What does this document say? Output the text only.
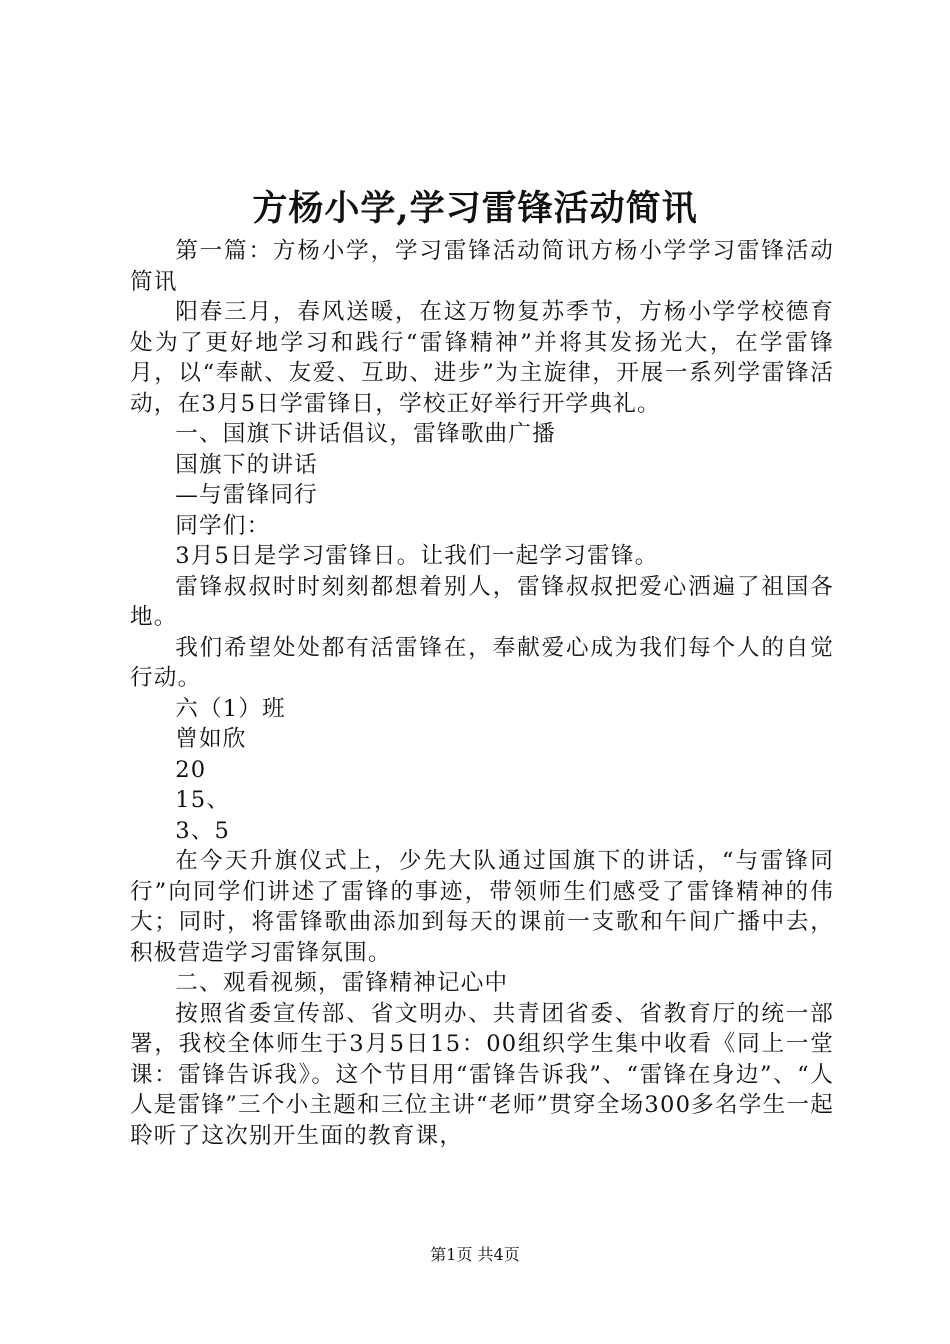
方杨小学,学习雷锋活动简讯

第一篇：方杨小学，学习雷锋活动简讯方杨小学学习雷锋活动简讯

阳春三月，春风送暖，在这万物复苏季节，方杨小学学校德育处为了更好地学习和践行“雷锋精神”并将其发扬光大，在学雷锋月，以“奉献、友爱、互助、进步”为主旋律，开展一系列学雷锋活动，在3月5日学雷锋日，学校正好举行开学典礼。

一、国旗下讲话倡议，雷锋歌曲广播

国旗下的讲话

—与雷锋同行

同学们：

3月5日是学习雷锋日。让我们一起学习雷锋。

雷锋叔叔时时刻刻都想着别人，雷锋叔叔把爱心洒遍了祖国各地。

我们希望处处都有活雷锋在，奉献爱心成为我们每个人的自觉行动。

六（1）班

曾如欣

20

15、

3、5

在今天升旗仪式上，少先大队通过国旗下的讲话，“与雷锋同行”向同学们讲述了雷锋的事迹，带领师生们感受了雷锋精神的伟大；同时，将雷锋歌曲添加到每天的课前一支歌和午间广播中去，积极营造学习雷锋氛围。

二、观看视频，雷锋精神记心中

按照省委宣传部、省文明办、共青团省委、省教育厅的统一部署，我校全体师生于3月5日15：00组织学生集中收看《同上一堂课：雷锋告诉我》。这个节目用“雷锋告诉我”、“雷锋在身边”、“人人是雷锋”三个小主题和三位主讲“老师”贯穿全场300多名学生一起聆听了这次别开生面的教育课，

第1页 共4页
